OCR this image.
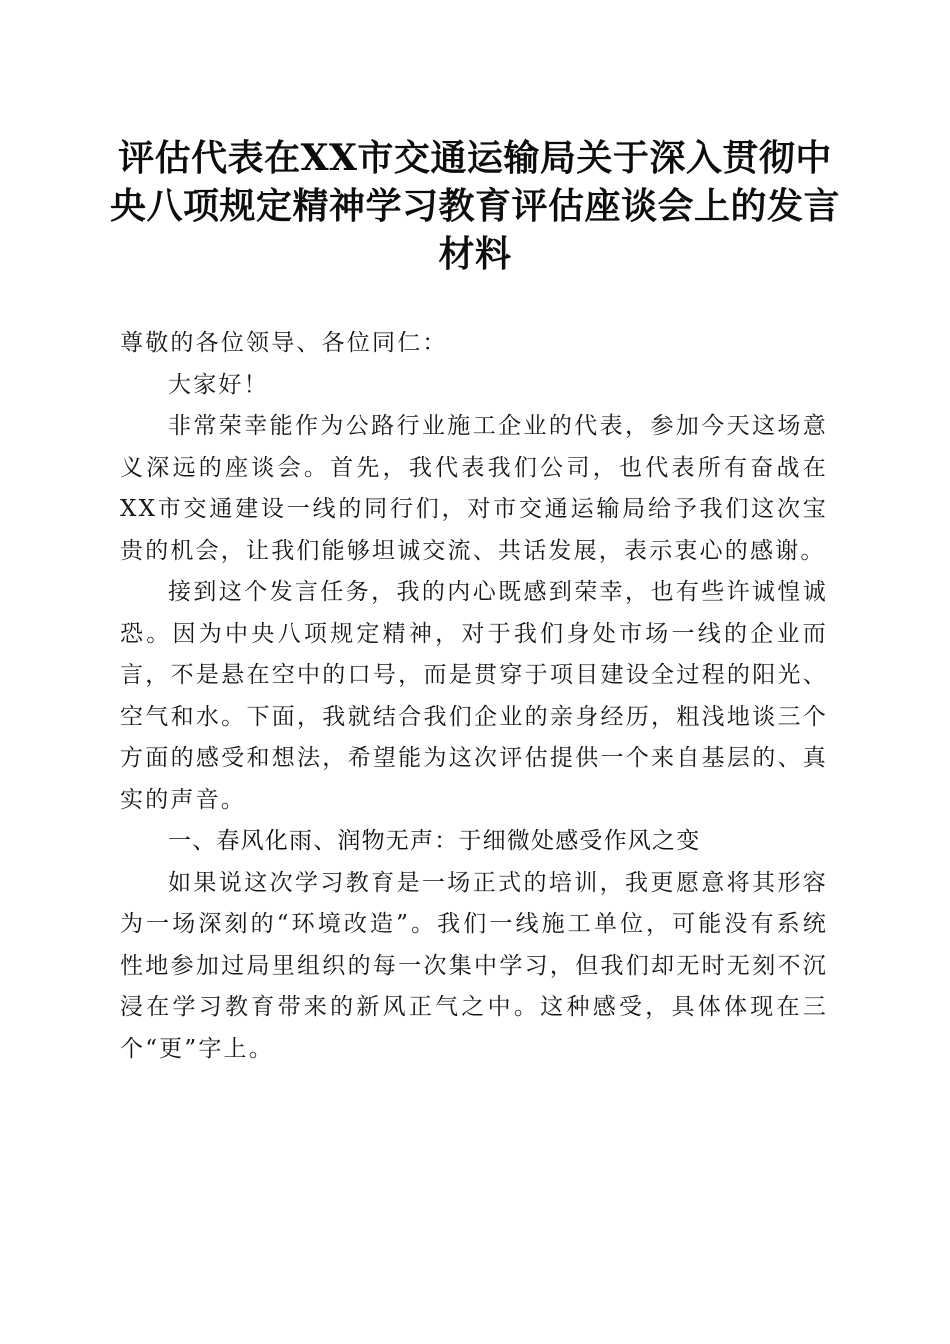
评估代表在XX市交通运输局关于深入贯彻中央八项规定精神学习教育评估座谈会上的发言材料

尊敬的各位领导、各位同仁：

大家好！

非常荣幸能作为公路行业施工企业的代表，参加今天这场意义深远的座谈会。首先，我代表我们公司，也代表所有奋战在XX市交通建设一线的同行们，对市交通运输局给予我们这次宝贵的机会，让我们能够坦诚交流、共话发展，表示衷心的感谢。

接到这个发言任务，我的内心既感到荣幸，也有些许诚惶诚恐。因为中央八项规定精神，对于我们身处市场一线的企业而言，不是悬在空中的口号，而是贯穿于项目建设全过程的阳光、空气和水。下面，我就结合我们企业的亲身经历，粗浅地谈三个方面的感受和想法，希望能为这次评估提供一个来自基层的、真实的声音。

一、春风化雨、润物无声：于细微处感受作风之变

如果说这次学习教育是一场正式的培训，我更愿意将其形容为一场深刻的“环境改造”。我们一线施工单位，可能没有系统性地参加过局里组织的每一次集中学习，但我们却无时无刻不沉浸在学习教育带来的新风正气之中。这种感受，具体体现在三个“更”字上。
